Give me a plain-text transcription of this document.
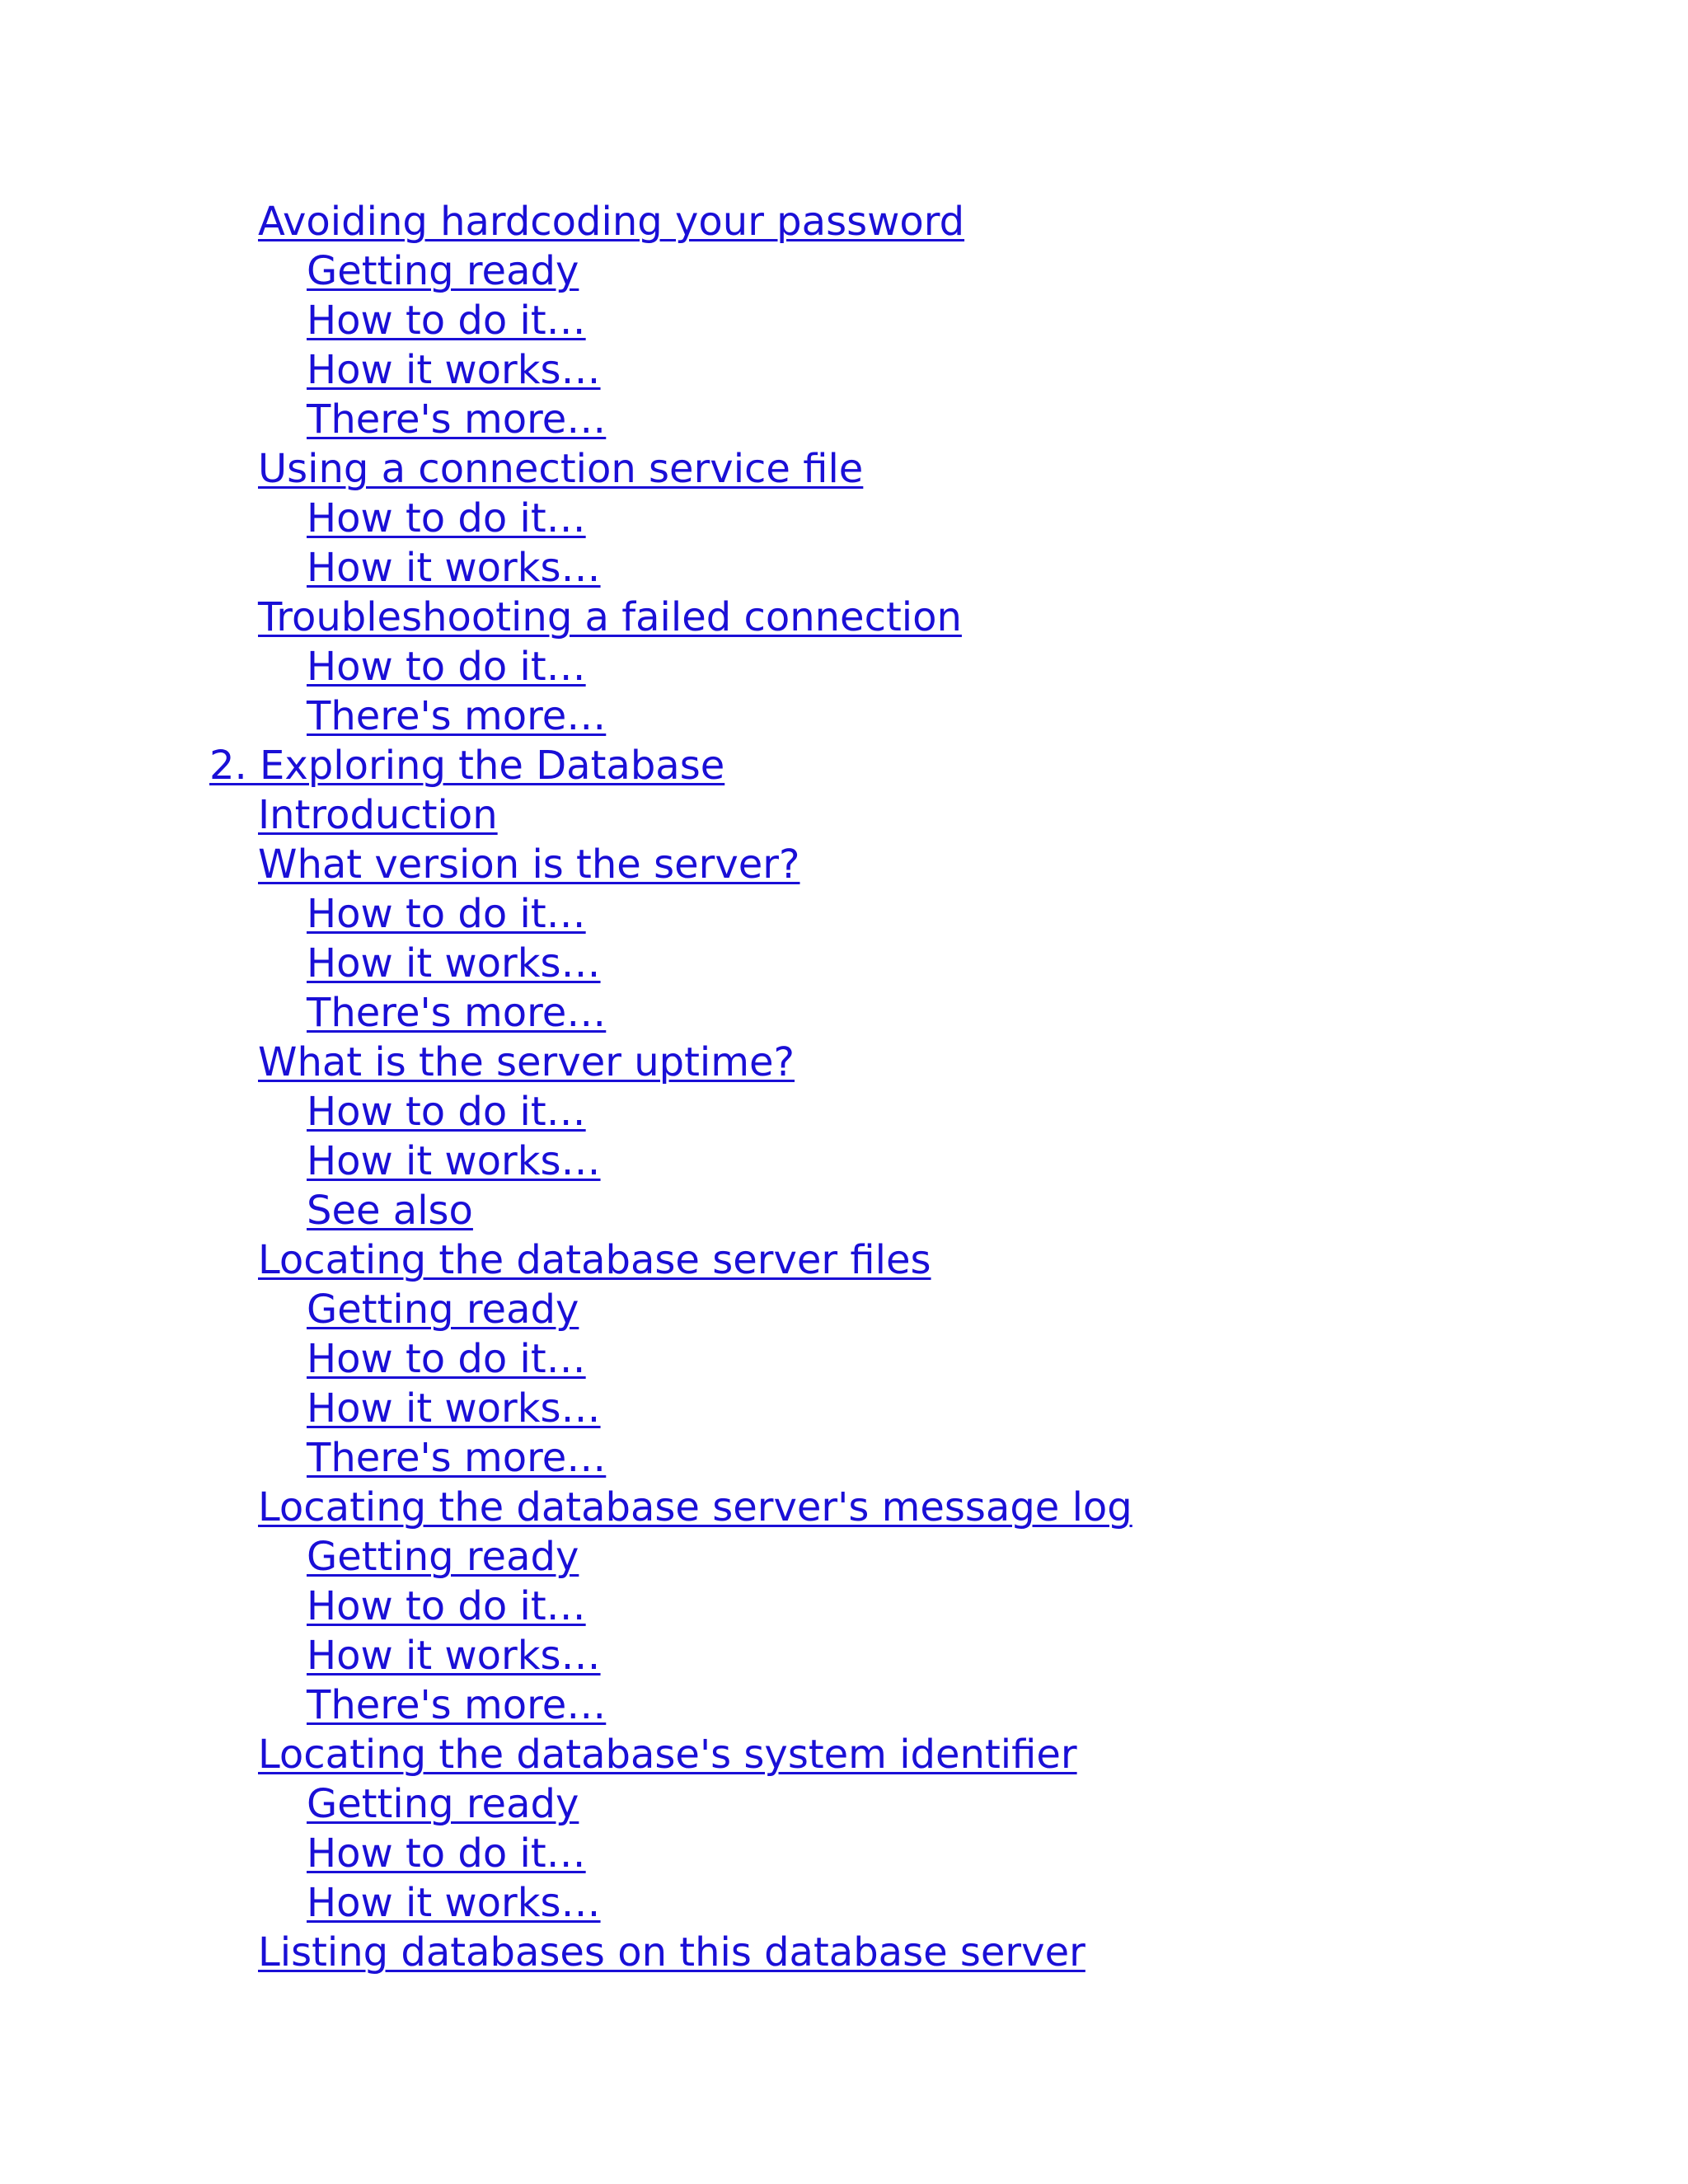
Avoiding hardcoding your password
Getting ready
How to do it…
How it works…
There's more…
Using a connection service file
How to do it…
How it works…
Troubleshooting a failed connection
How to do it…
There's more…
2. Exploring the Database
Introduction
What version is the server?
How to do it…
How it works…
There's more…
What is the server uptime?
How to do it…
How it works…
See also
Locating the database server files
Getting ready
How to do it…
How it works…
There's more…
Locating the database server's message log
Getting ready
How to do it…
How it works…
There's more…
Locating the database's system identifier
Getting ready
How to do it…
How it works…
Listing databases on this database server
